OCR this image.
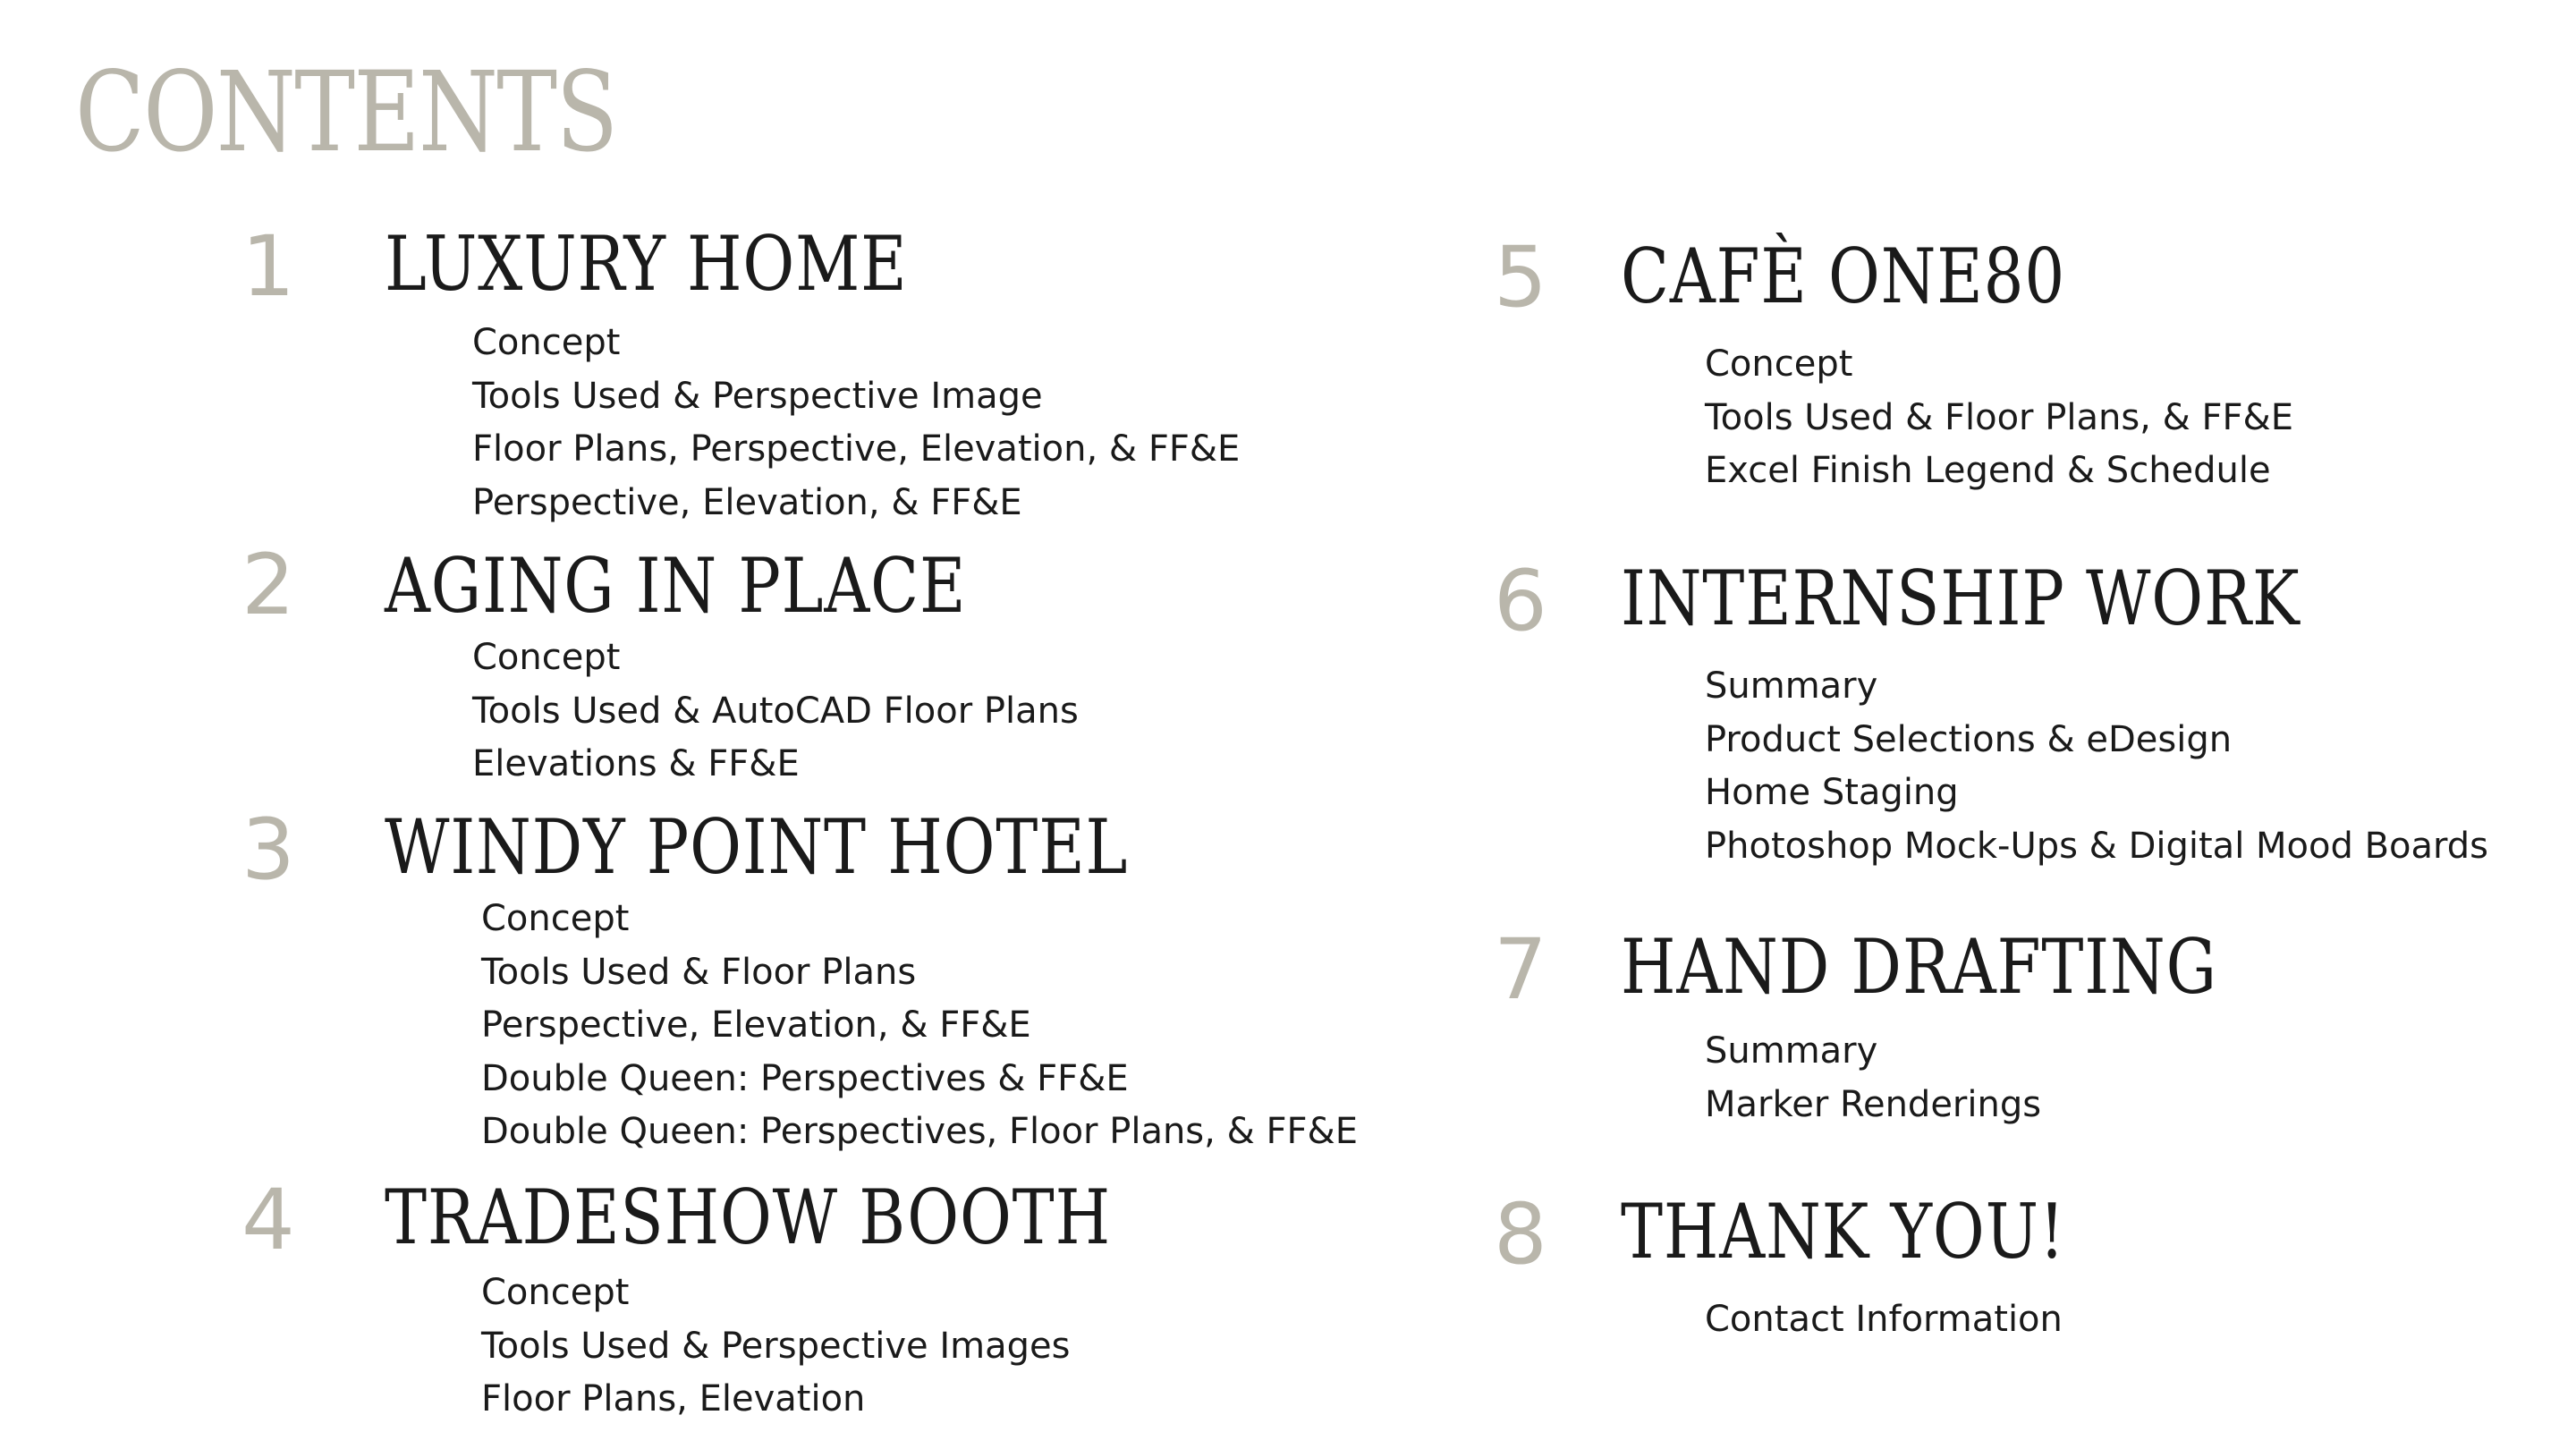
CONTENTS
1 LUXURY HOME
Concept
Tools Used & Perspective Image
Floor Plans, Perspective, Elevation, & FF&E
Perspective, Elevation, & FF&E
2 AGING IN PLACE
Concept
Tools Used & AutoCAD Floor Plans
Elevations & FF&E
3 WINDY POINT HOTEL
Concept
Tools Used & Floor Plans
Perspective, Elevation, & FF&E
Double Queen: Perspectives & FF&E
Double Queen: Perspectives, Floor Plans, & FF&E
4 TRADESHOW BOOTH
Concept
Tools Used & Perspective Images
Floor Plans, Elevation
5 CAFÈ ONE80
Concept
Tools Used & Floor Plans, & FF&E
Excel Finish Legend & Schedule
6 INTERNSHIP WORK
Summary
Product Selections & eDesign
Home Staging
Photoshop Mock-Ups & Digital Mood Boards
7 HAND DRAFTING
Summary
Marker Renderings
8 THANK YOU!
Contact Information
